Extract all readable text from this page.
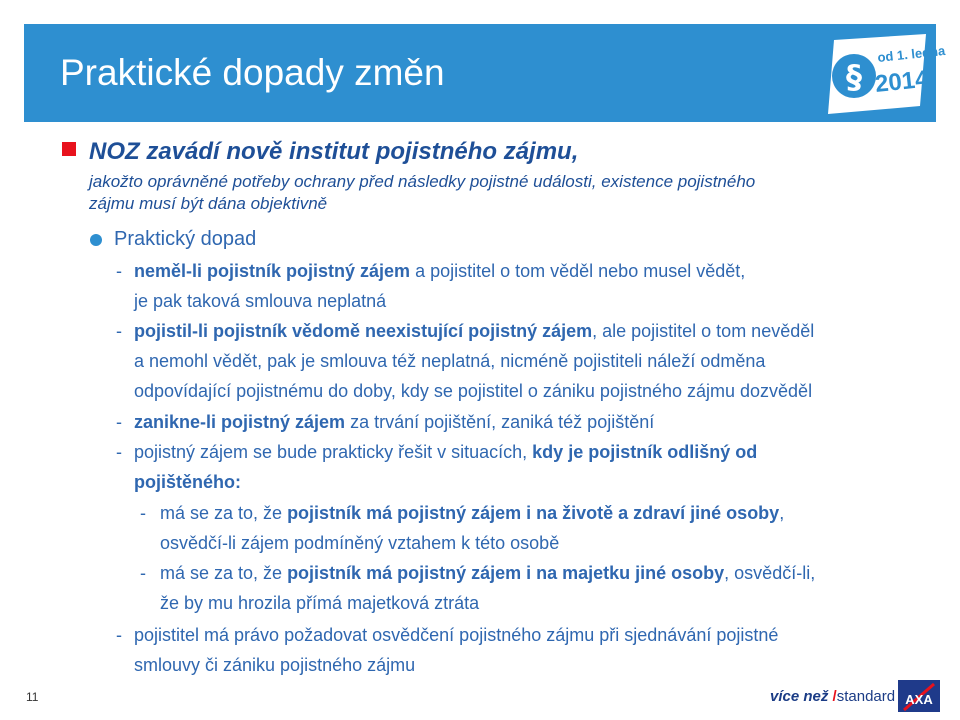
Praktické dopady změn	§
od 1. ledna
2014
NOZ zavádí nově institut pojistného zájmu,
jakožto oprávněné potřeby ochrany před následky pojistné události, existence pojistného
zájmu musí být dána objektivně
Praktický dopad
- neměl-li pojistník pojistný zájem a pojistitel o tom věděl nebo musel vědět,
je pak taková smlouva neplatná
- pojistil-li pojistník vědomě neexistující pojistný zájem, ale pojistitel o tom nevěděl
a nemohl vědět, pak je smlouva též neplatná, nicméně pojistiteli náleží odměna
odpovídající pojistnému do doby, kdy se pojistitel o zániku pojistného zájmu dozvěděl
- zanikne-li pojistný zájem za trvání pojištění, zaniká též pojištění
- pojistný zájem se bude prakticky řešit v situacích, kdy je pojistník odlišný od
pojištěného:
- má se za to, že pojistník má pojistný zájem i na životě a zdraví jiné osoby,
osvědčí-li zájem podmíněný vztahem k této osobě
- má se za to, že pojistník má pojistný zájem i na majetku jiné osoby, osvědčí-li,
že by mu hrozila přímá majetková ztráta
- pojistitel má právo požadovat osvědčení pojistného zájmu při sjednávání pojistné
smlouvy či zániku pojistného zájmu
11	více než /standard AXA
